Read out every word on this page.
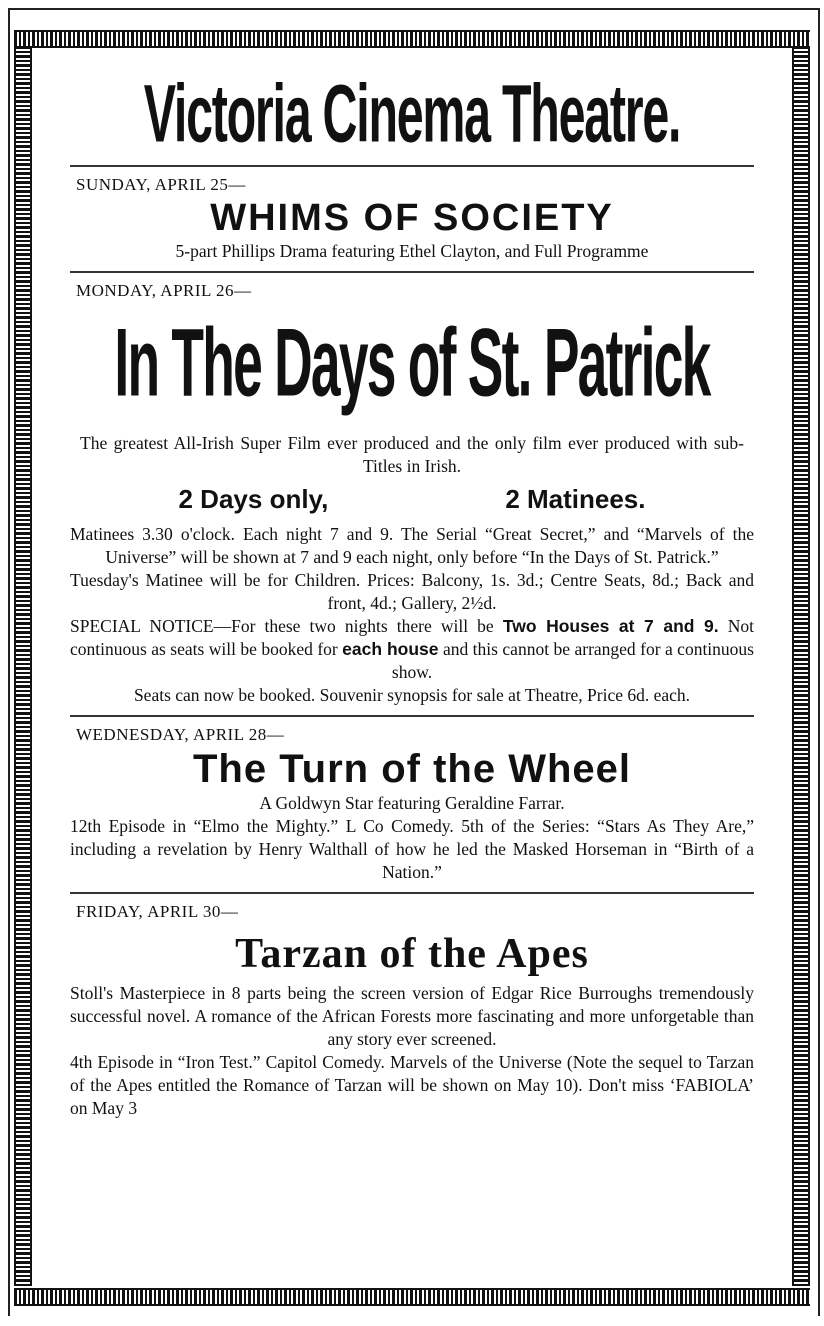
Victoria Cinema Theatre.
SUNDAY, APRIL 25—
WHIMS OF SOCIETY

5-part Phillips Drama featuring Ethel Clayton, and Full Programme

MONDAY, APRIL 26—
In The Days of St. Patrick

The greatest All-Irish Super Film ever produced and the only film ever produced with sub-Titles in Irish.

2 Days only,	2 Matinees.

Matinees 3.30 o'clock. Each night 7 and 9. The Serial “Great Secret,” and “Marvels of the Universe” will be shown at 7 and 9 each night, only before “In the Days of St. Patrick.”

Tuesday's Matinee will be for Children. Prices: Balcony, 1s. 3d.; Centre Seats, 8d.; Back and front, 4d.; Gallery, 2½d.

SPECIAL NOTICE—For these two nights there will be Two Houses at 7 and 9. Not continuous as seats will be booked for each house and this cannot be arranged for a continuous show.

Seats can now be booked. Souvenir synopsis for sale at Theatre, Price 6d. each.

WEDNESDAY, APRIL 28—
The Turn of the Wheel

A Goldwyn Star featuring Geraldine Farrar.

12th Episode in “Elmo the Mighty.” L Co Comedy. 5th of the Series: “Stars As They Are,” including a revelation by Henry Walthall of how he led the Masked Horseman in “Birth of a Nation.”

FRIDAY, APRIL 30—
Tarzan of the Apes

Stoll's Masterpiece in 8 parts being the screen version of Edgar Rice Burroughs tremendously successful novel. A romance of the African Forests more fascinating and more unforgetable than any story ever screened.

4th Episode in “Iron Test.” Capitol Comedy. Marvels of the Universe (Note the sequel to Tarzan of the Apes entitled the Romance of Tarzan will be shown on May 10). Don't miss ‘FABIOLA’ on May 3
